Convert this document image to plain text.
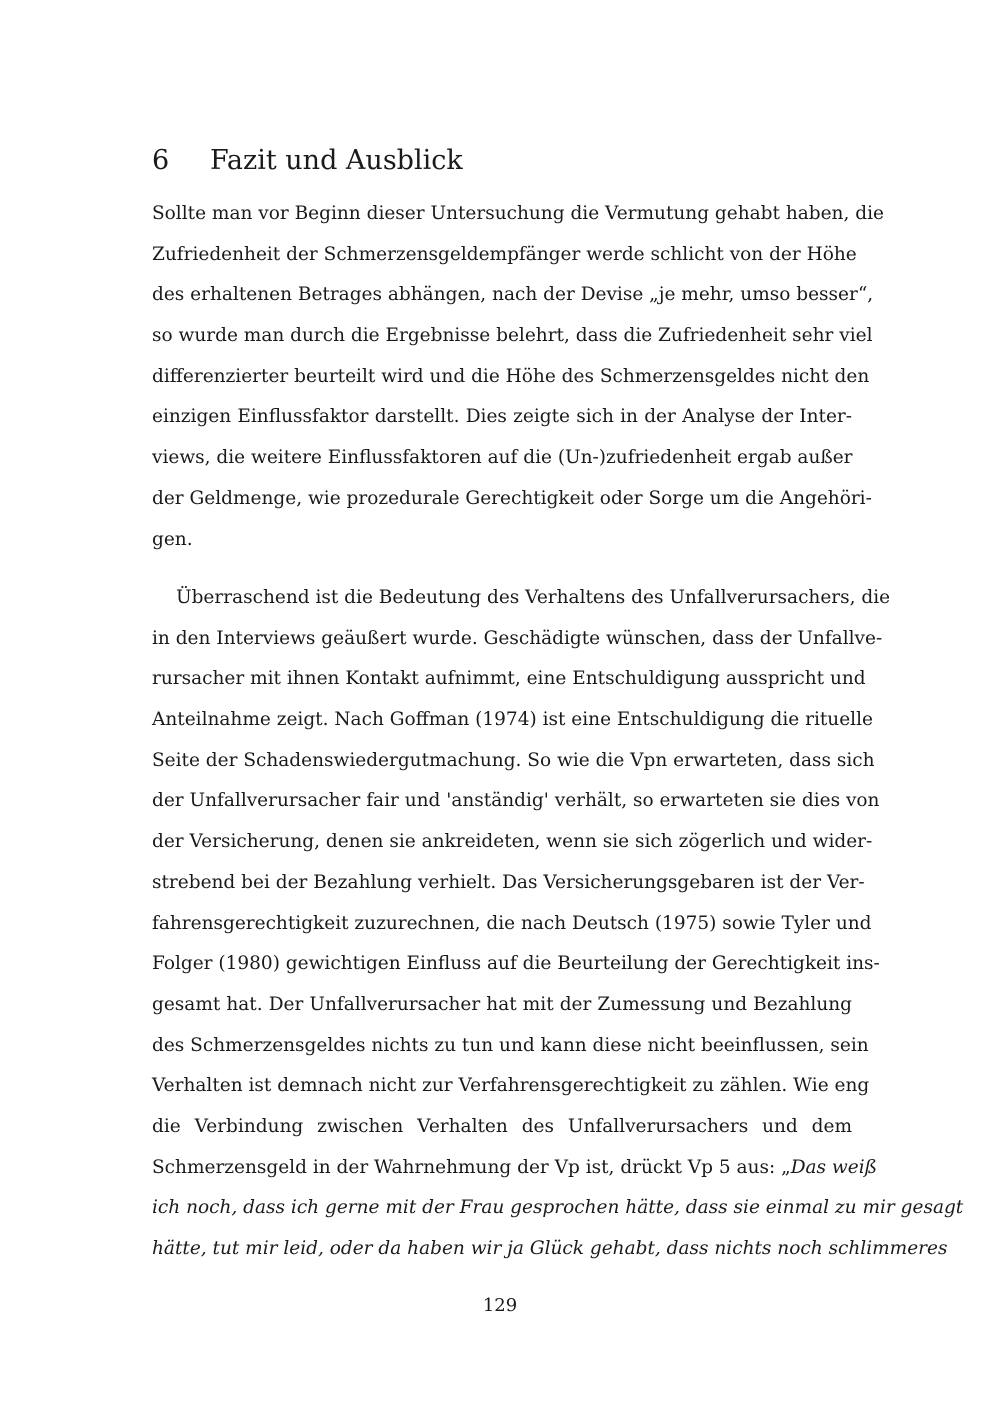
6 Fazit und Ausblick
Sollte man vor Beginn dieser Untersuchung die Vermutung gehabt haben, die
Zufriedenheit der Schmerzensgeldempfänger werde schlicht von der Höhe
des erhaltenen Betrages abhängen, nach der Devise „je mehr, umso besser“,
so wurde man durch die Ergebnisse belehrt, dass die Zufriedenheit sehr viel
differenzierter beurteilt wird und die Höhe des Schmerzensgeldes nicht den
einzigen Einflussfaktor darstellt. Dies zeigte sich in der Analyse der Inter-
views, die weitere Einflussfaktoren auf die (Un-)zufriedenheit ergab außer
der Geldmenge, wie prozedurale Gerechtigkeit oder Sorge um die Angehöri-
gen.
Überraschend ist die Bedeutung des Verhaltens des Unfallverursachers, die
in den Interviews geäußert wurde. Geschädigte wünschen, dass der Unfallve-
rursacher mit ihnen Kontakt aufnimmt, eine Entschuldigung ausspricht und
Anteilnahme zeigt. Nach Goffman (1974) ist eine Entschuldigung die rituelle
Seite der Schadenswiedergutmachung. So wie die Vpn erwarteten, dass sich
der Unfallverursacher fair und 'anständig' verhält, so erwarteten sie dies von
der Versicherung, denen sie ankreideten, wenn sie sich zögerlich und wider-
strebend bei der Bezahlung verhielt. Das Versicherungsgebaren ist der Ver-
fahrensgerechtigkeit zuzurechnen, die nach Deutsch (1975) sowie Tyler und
Folger (1980) gewichtigen Einfluss auf die Beurteilung der Gerechtigkeit ins-
gesamt hat. Der Unfallverursacher hat mit der Zumessung und Bezahlung
des Schmerzensgeldes nichts zu tun und kann diese nicht beeinflussen, sein
Verhalten ist demnach nicht zur Verfahrensgerechtigkeit zu zählen. Wie eng
die Verbindung zwischen Verhalten des Unfallverursachers und dem
Schmerzensgeld in der Wahrnehmung der Vp ist, drückt Vp 5 aus: „Das weiß
ich noch, dass ich gerne mit der Frau gesprochen hätte, dass sie einmal zu mir gesagt
hätte, tut mir leid, oder da haben wir ja Glück gehabt, dass nichts noch schlimmeres
129
